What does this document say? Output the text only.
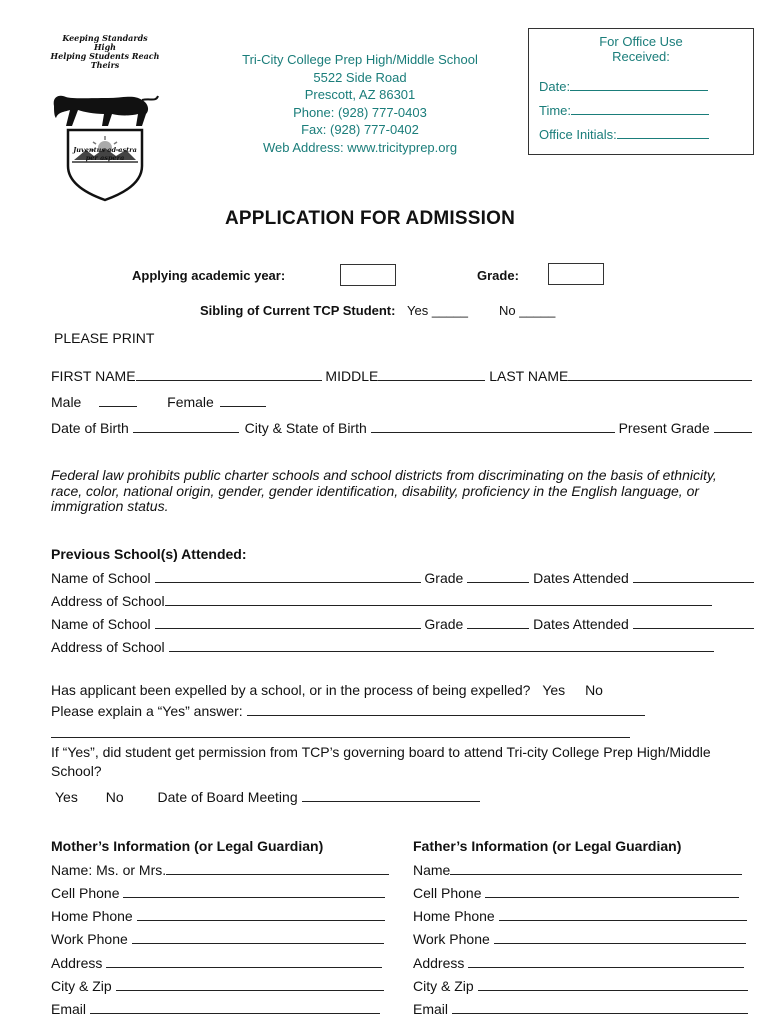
Keeping Standards High
Helping Students Reach Theirs
Juventus ad astra
per aspera
Tri-City College Prep High/Middle School
5522 Side Road
Prescott, AZ 86301
Phone: (928) 777-0403
Fax: (928) 777-0402
Web Address: www.tricityprep.org
For Office Use
Received:
Date:
Time:
Office Initials:
APPLICATION FOR ADMISSION
Applying academic year:	Grade:
Sibling of Current TCP Student: Yes _____ No _____
PLEASE PRINT
FIRST NAME	MIDDLE	LAST NAME
Male	Female
Date of Birth	City & State of Birth	Present Grade
Federal law prohibits public charter schools and school districts from discriminating on the basis of ethnicity, race, color, national origin, gender, gender identification, disability, proficiency in the English language, or immigration status.
Previous School(s) Attended:
Name of School	Grade	Dates Attended
Address of School
Name of School	Grade	Dates Attended
Address of School
Has applicant been expelled by a school, or in the process of being expelled? Yes No
Please explain a “Yes” answer:
If “Yes”, did student get permission from TCP’s governing board to attend Tri-city College Prep High/Middle School?
Yes No Date of Board Meeting
Mother’s Information (or Legal Guardian)
Name: Ms. or Mrs.
Cell Phone
Home Phone
Work Phone
Address
City & Zip
Email
Father’s Information (or Legal Guardian)
Name
Cell Phone
Home Phone
Work Phone
Address
City & Zip
Email
